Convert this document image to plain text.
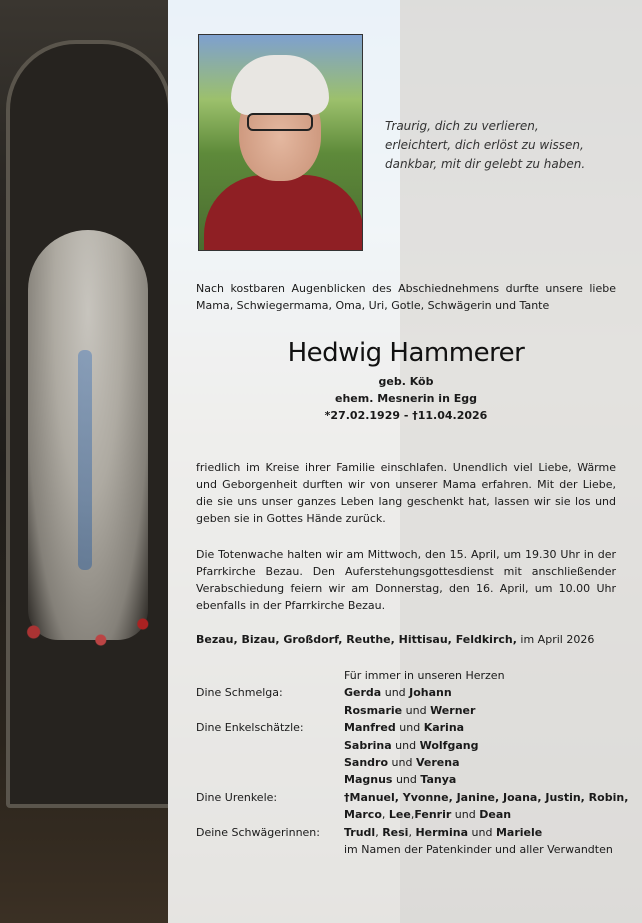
Traurig, dich zu verlieren,
erleichtert, dich erlöst zu wissen,
dankbar, mit dir gelebt zu haben.
Nach kostbaren Augenblicken des Abschiednehmens durfte unsere liebe Mama, Schwiegermama, Oma, Uri, Gotle, Schwägerin und Tante
Hedwig Hammerer
geb. Köb
ehem. Mesnerin in Egg
*27.02.1929 - †11.04.2026
friedlich im Kreise ihrer Familie einschlafen. Unendlich viel Liebe, Wärme und Geborgenheit durften wir von unserer Mama erfahren. Mit der Liebe, die sie uns unser ganzes Leben lang geschenkt hat, lassen wir sie los und geben sie in Gottes Hände zurück.
Die Totenwache halten wir am Mittwoch, den 15. April, um 19.30 Uhr in der Pfarrkirche Bezau. Den Auferstehungsgottesdienst mit anschließender Verabschiedung feiern wir am Donnerstag, den 16. April, um 10.00 Uhr ebenfalls in der Pfarrkirche Bezau.
Bezau, Bizau, Großdorf, Reuthe, Hittisau, Feldkirch, im April 2026
Für immer in unseren Herzen
Dine Schmelga:	Gerda und Johann
Rosmarie und Werner
Dine Enkelschätzle:	Manfred und Karina
Sabrina und Wolfgang
Sandro und Verena
Magnus und Tanya
Dine Urenkele:	†Manuel, Yvonne, Janine, Joana, Justin, Robin,
Marco, Lee,Fenrir und Dean
Deine Schwägerinnen:	Trudl, Resi, Hermina und Mariele
im Namen der Patenkinder und aller Verwandten
